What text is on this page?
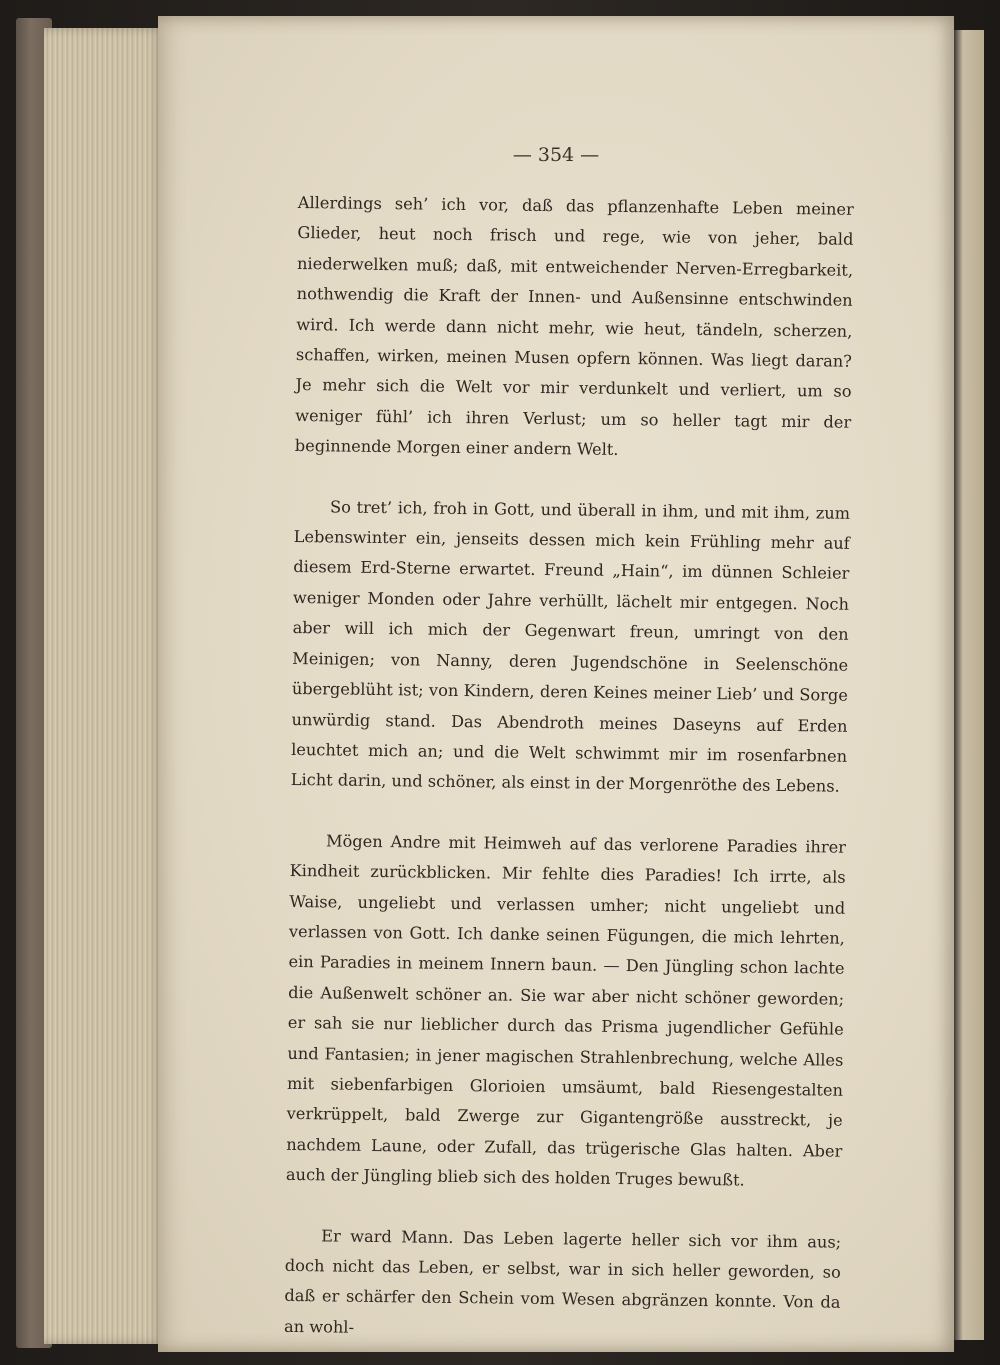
— 354 —

Allerdings seh’ ich vor, daß das pflanzenhafte Leben meiner Glieder, heut noch frisch und rege, wie von jeher, bald niederwelken muß; daß, mit entweichender Nerven-Erregbarkeit, nothwendig die Kraft der Innen- und Außensinne entschwinden wird. Ich werde dann nicht mehr, wie heut, tändeln, scherzen, schaffen, wirken, meinen Musen opfern können. Was liegt daran? Je mehr sich die Welt vor mir verdunkelt und verliert, um so weniger fühl’ ich ihren Verlust; um so heller tagt mir der beginnende Morgen einer andern Welt.

So tret’ ich, froh in Gott, und überall in ihm, und mit ihm, zum Lebenswinter ein, jenseits dessen mich kein Frühling mehr auf diesem Erd-Sterne erwartet. Freund „Hain“, im dünnen Schleier weniger Monden oder Jahre verhüllt, lächelt mir entgegen. Noch aber will ich mich der Gegenwart freun, umringt von den Meinigen; von Nanny, deren Jugendschöne in Seelenschöne übergeblüht ist; von Kindern, deren Keines meiner Lieb’ und Sorge unwürdig stand. Das Abendroth meines Daseyns auf Erden leuchtet mich an; und die Welt schwimmt mir im rosenfarbnen Licht darin, und schöner, als einst in der Morgenröthe des Lebens.

Mögen Andre mit Heimweh auf das verlorene Paradies ihrer Kindheit zurückblicken. Mir fehlte dies Paradies! Ich irrte, als Waise, ungeliebt und verlassen umher; nicht ungeliebt und verlassen von Gott. Ich danke seinen Fügungen, die mich lehrten, ein Paradies in meinem Innern baun. — Den Jüngling schon lachte die Außenwelt schöner an. Sie war aber nicht schöner geworden; er sah sie nur lieblicher durch das Prisma jugendlicher Gefühle und Fantasien; in jener magischen Strahlenbrechung, welche Alles mit siebenfarbigen Glorioien umsäumt, bald Riesengestalten verkrüppelt, bald Zwerge zur Gigantengröße ausstreckt, je nachdem Laune, oder Zufall, das trügerische Glas halten. Aber auch der Jüngling blieb sich des holden Truges bewußt.

Er ward Mann. Das Leben lagerte heller sich vor ihm aus; doch nicht das Leben, er selbst, war in sich heller geworden, so daß er schärfer den Schein vom Wesen abgränzen konnte. Von da an wohl-
